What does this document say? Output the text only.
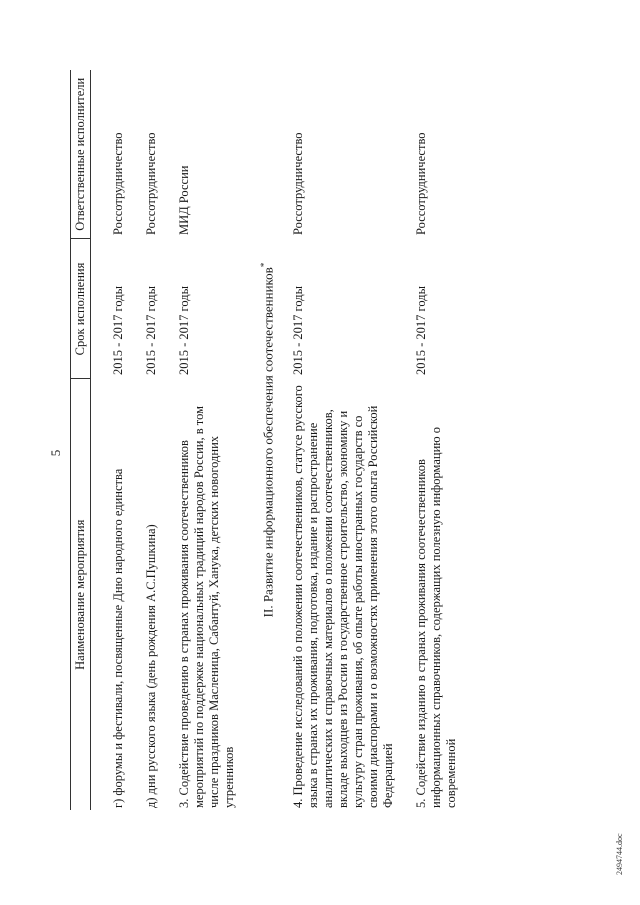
5
Наименование мероприятия	Срок исполнения	Ответственные исполнители
г) форумы и фестивали, посвященные Дню народного единства	2015 - 2017 годы	Россотрудничество
д) дни русского языка (день рождения А.С.Пушкина)	2015 - 2017 годы	Россотрудничество
3. Содействие проведению в странах проживания соотечественников мероприятий по поддержке национальных традиций народов России, в том числе праздников Масленица, Сабантуй, Ханука, детских новогодних утренников	2015 - 2017 годы	МИД России
II. Развитие информационного обеспечения соотечественников*
4. Проведение исследований о положении соотечественников, статусе русского языка в странах их проживания, подготовка, издание и распространение аналитических и справочных материалов о положении соотечественников, вкладе выходцев из России в государственное строительство, экономику и культуру стран проживания, об опыте работы иностранных государств со своими диаспорами и о возможностях применения этого опыта Российской Федерацией	2015 - 2017 годы	Россотрудничество
5. Содействие изданию в странах проживания соотечественников информационных справочников, содержащих полезную информацию о современной	2015 - 2017 годы	Россотрудничество
2494744.doc
